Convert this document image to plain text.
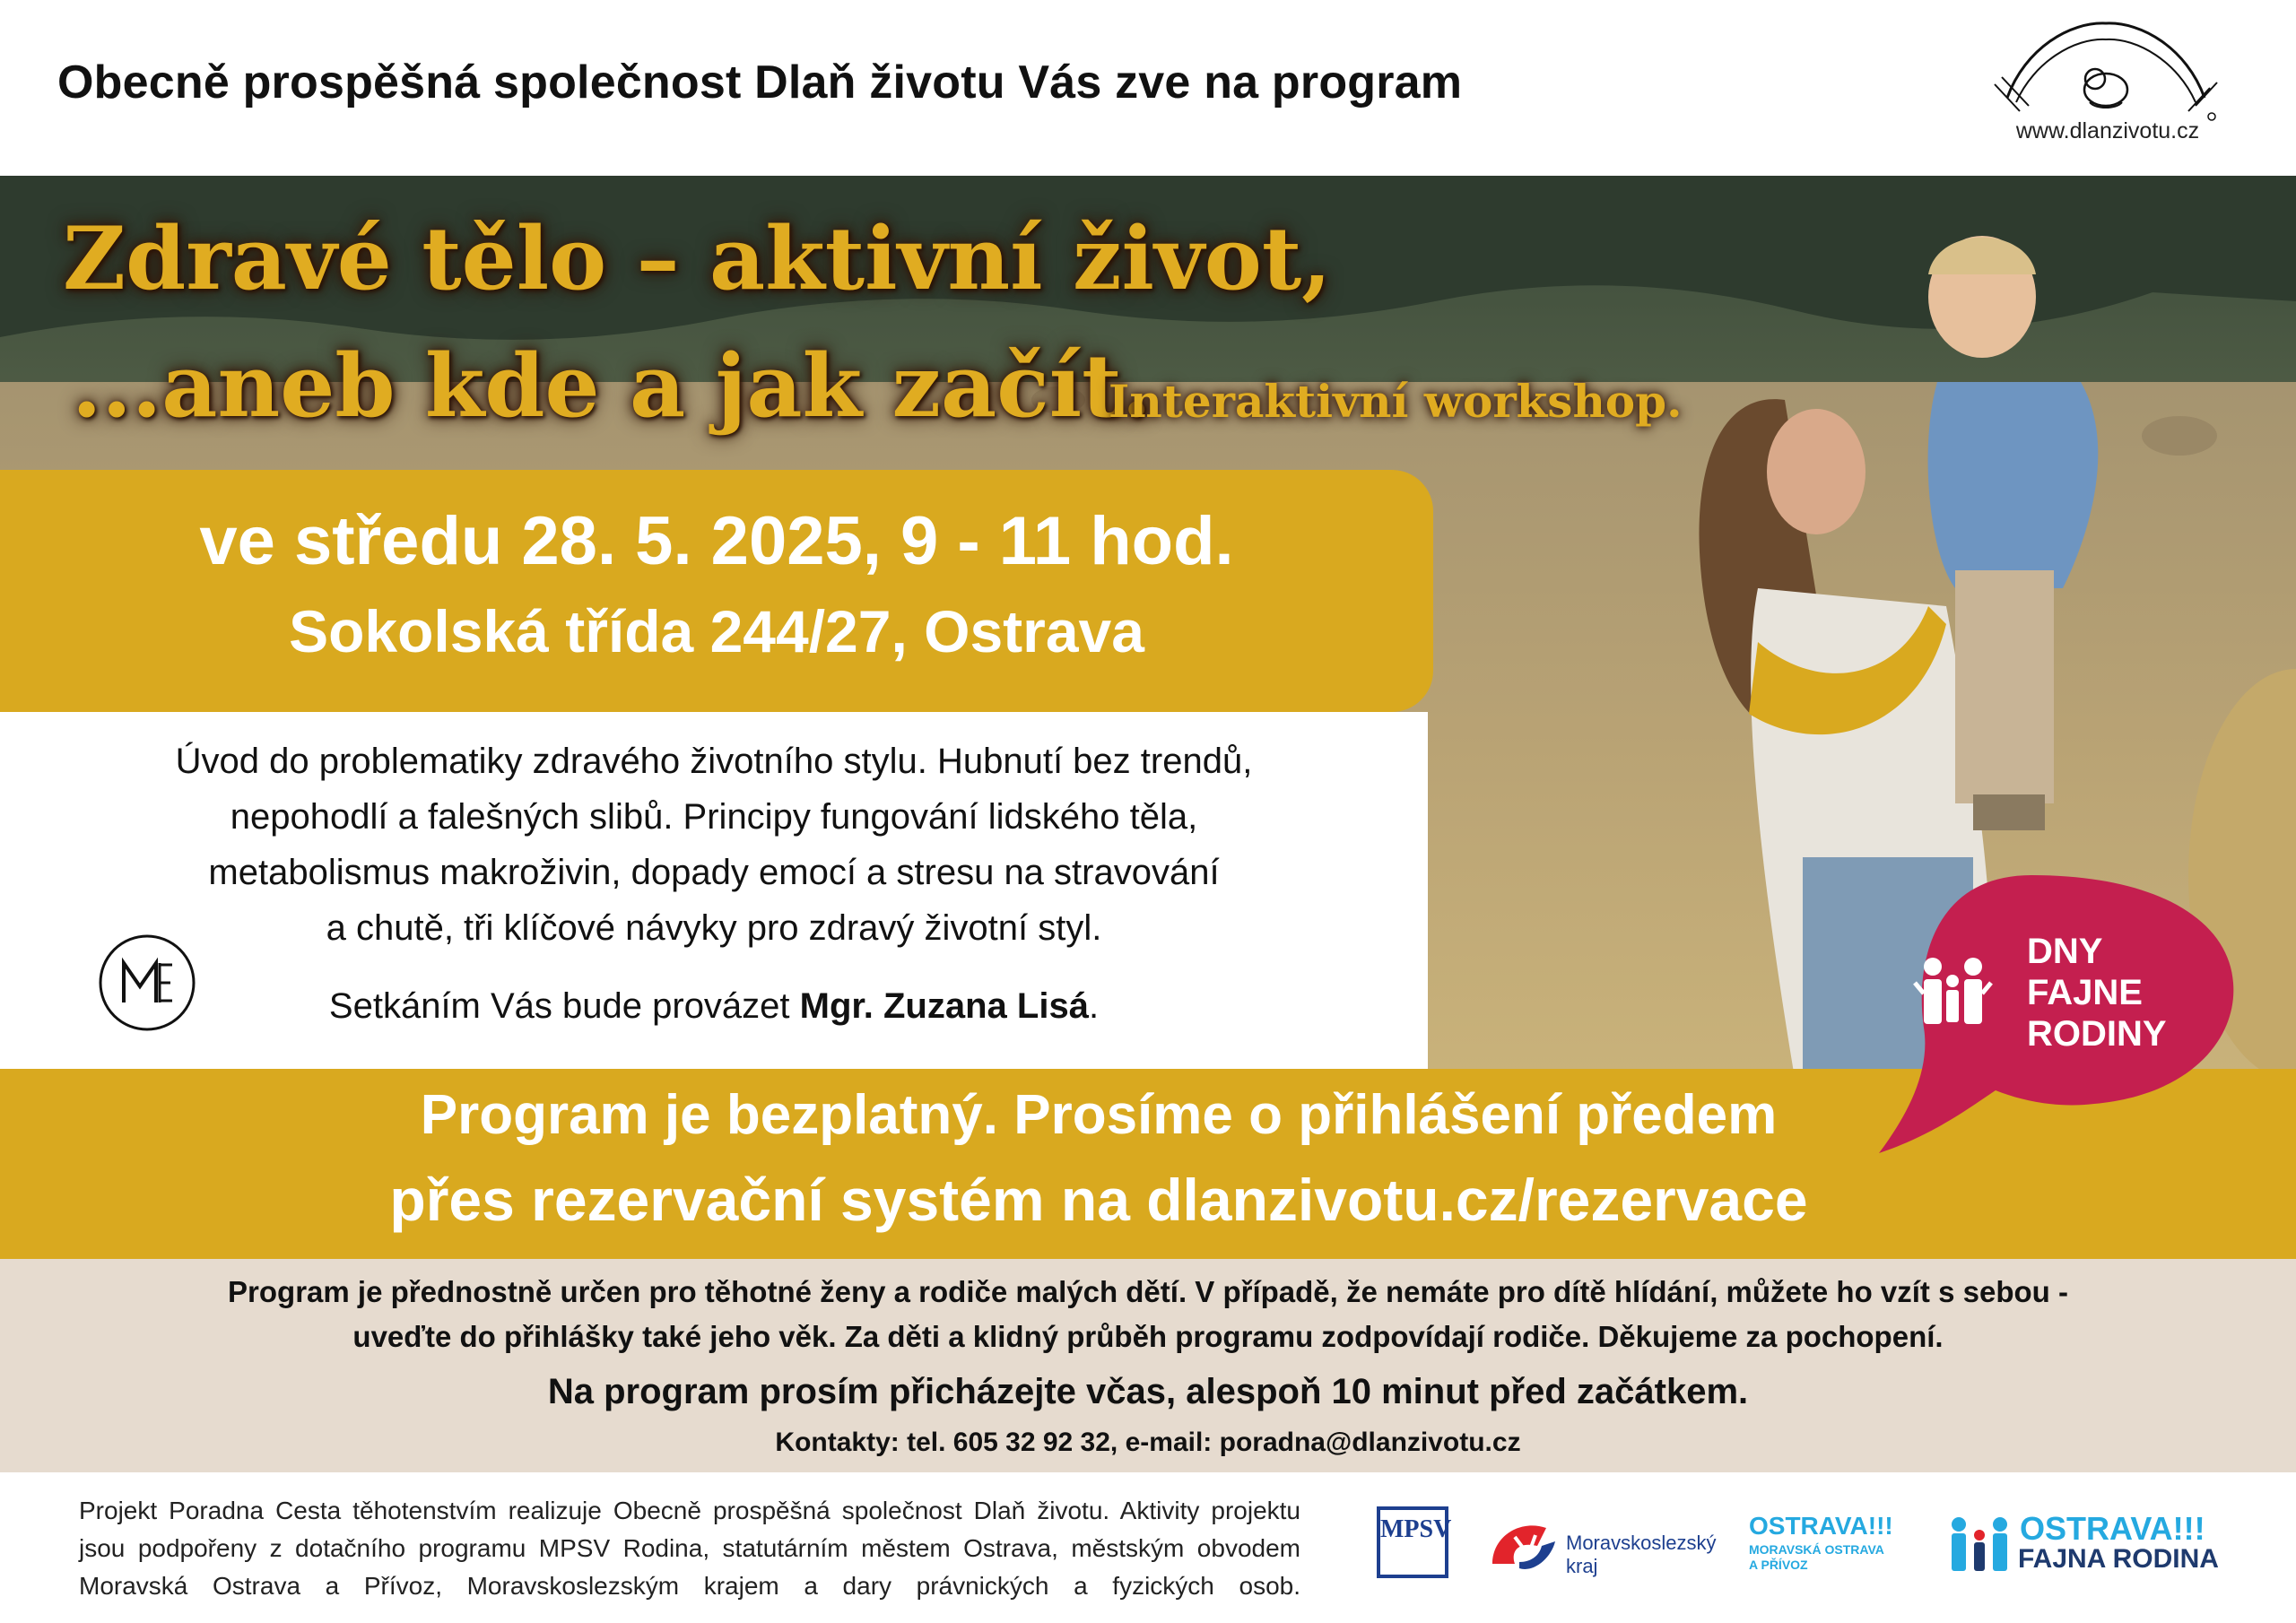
Obecně prospěšná společnost Dlaň životu Vás zve na program
www.dlanzivotu.cz
Zdravé tělo – aktivní život,
...aneb kde a jak začít.
Interaktivní workshop.
ve středu 28. 5. 2025, 9 - 11 hod.
Sokolská třída 244/27, Ostrava
Úvod do problematiky zdravého životního stylu. Hubnutí bez trendů,
nepohodlí a falešných slibů. Principy fungování lidského těla,
metabolismus makroživin, dopady emocí a stresu na stravování
a chutě, tři klíčové návyky pro zdravý životní styl.
Setkáním Vás bude provázet Mgr. Zuzana Lisá.
Program je bezplatný. Prosíme o přihlášení předem
přes rezervační systém na dlanzivotu.cz/rezervace
DNY
FAJNE
RODINY
Program je přednostně určen pro těhotné ženy a rodiče malých dětí. V případě, že nemáte pro dítě hlídání, můžete ho vzít s sebou -
uveďte do přihlášky také jeho věk. Za děti a klidný průběh programu zodpovídají rodiče. Děkujeme za pochopení.
Na program prosím přicházejte včas, alespoň 10 minut před začátkem.
Kontakty: tel. 605 32 92 32, e-mail: poradna@dlanzivotu.cz
Projekt Poradna Cesta těhotenstvím realizuje Obecně prospěšná společnost Dlaň životu. Aktivity projektu jsou podpořeny z dotačního programu MPSV Rodina, statutárním městem Ostrava, městským obvodem Moravská Ostrava a Přívoz, Moravskoslezským krajem a dary právnických a fyzických osob.
MPSV	Moravskoslezský
kraj
OSTRAVA!!!
MORAVSKÁ OSTRAVA
A PŘÍVOZ
OSTRAVA!!!
FAJNA RODINA
